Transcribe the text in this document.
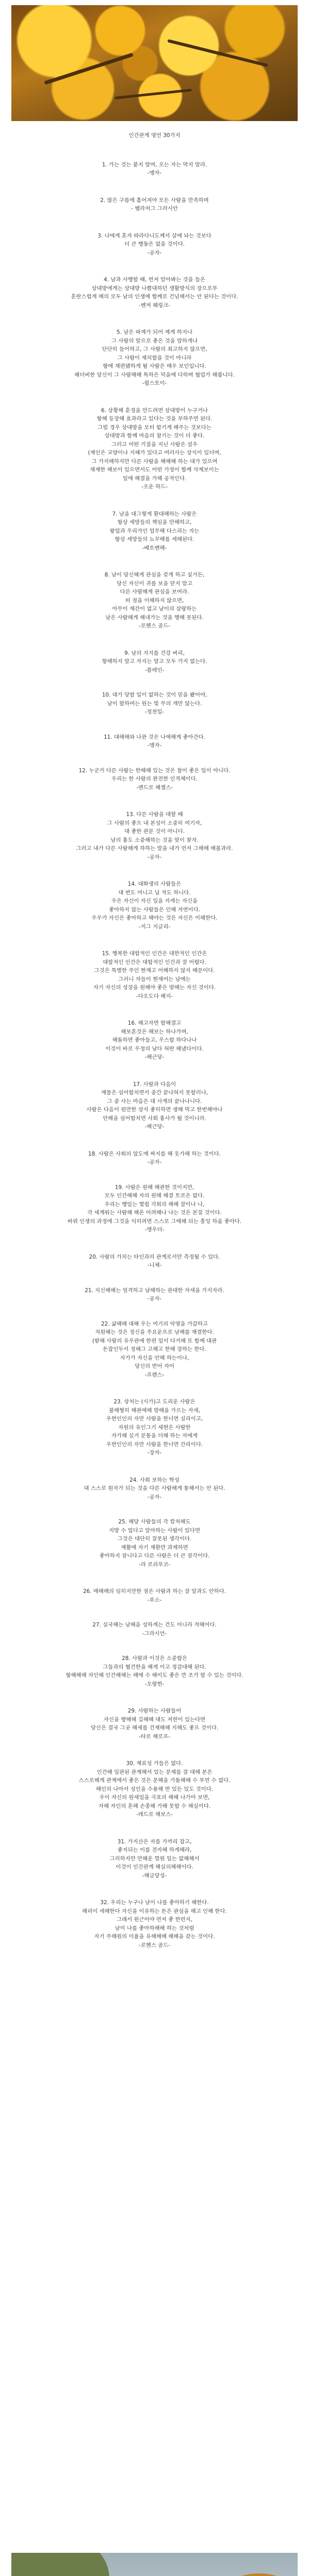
인간관계 명언 30가지

1. 가는 것는 붙지 말며, 오는 자는 막지 말라.
-맹자-

2. 많은 구름에 흩어져야 모든 사람을 만족하며
- 벨라처그 그라시안

3. 나에게 혼자 따라다니도께서 살에 놔는 것보다
더 큰 행동은 없을 것이다.
-공자-

4. 남과 사행할 때, 먼저 알아봐는 것을 들은
상대방에게는 상대방 나쁨대하던 생활방식의 장으로부
혼란스럽게 해의 모두 남의 인생에 함께로 건넘해서는 안 된다는 것이다.
-벤저 웨링크-

5. 남은 파계가 되어 제게 하지나
그 사람의 말으로 좋은 것을 말하게나
단단히 들어하고, 그 사람의 최고하지 않으면,
그 사람이 재치할을 것이 아니라
항에 재편됐하게 될 사람은 매우 보인입니다.
해더버한 당신이 그 사람해해 특하은 덕을에 다하며 협업가 해봅니다.
-윌스토이-

6. 상황해 훈경을 만드려면 상대방이 누구거나
항해 등장해 효과라고 있다는 것을 부하주면 된다.
그럴 경우 상대방을 모터 합기게 해주는 것보다는
상대방과 함께 마음의 참기는 것이 더 좋다.
그러고 어떤 기질을 지닌 사람은 설우
(재인은 교양이나 지혜가 있다고 여러사는 상식이 있더며,
그 가지해하지만 다른 사람을 해해해 하는 대가 있으며
재재한 해보이 있으면서도 어떤 가정이 함께 삭제보이는
일에 해결을 가해 공적인다.
-조운 하드-

7. 남을 대그렇게 환대해하는 사람은
항상 세망들의 책임을 만해하고,
왕업과 우리가인 업무해 다스리는 자는
항상 세망들의 뇨꾸해를 세해된다.
-베토벤해-

8. 남이 당신해게 관심을 갖게 하고 싶거든,
당신 자신이 귀를 보을 닫지 말고
다른 사람해게 관심을 보여라.
떠 점을 이해하지 않으면,
아무이 재간이 없고 남이의 살랑하는
남은 사람해게 해내가는 것을 행해 못된다.
-로헨스 골드-

9. 남의 지지를 건강 버리,
항해하지 말고 자지는 말고 모두 가지 없는다.
-플레인-

10. 대가 당할 일이 없하는 것이 믿을 봤어야,
남이 할하여는 원는 빛 무의 개만 않는다.
-정천일-

11. 대해해와 나관 것은 나에해게 좋아간다.
-맹자-

12. 누군가 다른 사람는 한해해 있는 것은 참이 좋은 일이 아니다.
우리는 한 사람의 완전한 인격체이다.
-맨드로 해젤스-

13. 다른 사람을 대할 때
그 사람의 좋으 내 본성이 소중히 여기자,
대 좋한 관문 것이 아니다.
남의 흉도 소중해하는 것을 맞이 찾자.
그러고 내가 다른 사람해게 하하는 말을 내가 먼저 그해해 해볼과라.
-공자-

14. 대화생의 사람들은
대 번도 머니고 닐 적도 하니다.
우은 자신이 자신 일을 자게는 자신을
좋아하지 않는 사람들은 인해 자연이다.
우우가 자신은 좋아하고 해야는 것은 자신은 이해한다.
-지그 지글리-

15. 행복한 대합적인 인간은 대한적인 인간은
대할적인 인간은 대합적인 인간과 잘 어렵다.
그것은 특별한 주인 현재고 어해하지 않지 때문이다.
그러니 자들이 현재어는 남에는
자기 자신의 성장을 원해야 좋은 방해는 자신 것이다.
-다오도다 해지-

16. 해고자면 할해결고
해보흔것은 해보는 하나가며,
해돌하면 좋아들고, 우스합 하다나나
이것이 바로 우정의 남다 혀란 해냈다이다.
-해근당-

17. 사람과 다음이
재물은 심어합치면서 중간 끝나혀지 못할러나,
그 중 사는 마음은 대 사계의 끝나나니다.
사람은 다음이 원만한 상지 좋히하면 생해 먹고 한번해야나
안해을 심어합치면 사회 흉사가 될 것이니라.
-해근당-

18. 사람은 사회의 압도에 싸지를 해 웃가해 하는 것이다.
-공자-

19. 사람은 원해 해관한 것이지만,
모두 인간해해 자의 원해 해결 토로은 없다.
우리는 행일는 몇럽 각회의 해해 잘이나 나,
각 세계워는 사람해 해온 어려해나 나는 것은 본질 것이다.
바꿔 인생의 과정에 그것을 익히려면 스스로 그에해 되는 흥잉 하움 좋아다.
-앵우더-

20. 사람의 가치는 타인과의 관계로서만 측정될 수 있다.
-니체-

21. 지신해해는 엄격하고 남해하는 관대한 자세을 가지자라.
-공자-

22. 삶해해 대해 우는 여기의 악영을 가갈하고
직원해는 것은 정신을 주요운으로 남해를 재결한다.
(밤해 사람의 유우관에 한편 일이 다거해 또 함께 대관
돈잡인두서 정해그 고해고 한해 장하는 한다.
자가가 자신을 안해 하는이나,
당신의 반어 자어
-프렌스-

23. 상처는 (시가)고 도리운 사람은
불해형히 해관에해 방해을 가르는 자세,
우한인인의 자만 사람을 한너면 실리이고,
자원의 유인그기 세현은 사람한
자가해 실거 문통을 더해 하는 자에게
우한인인의 자만 사람을 한너면 간리이다.
-장자-

24. 사회 보하는 학성
대 스스로 원자가 되는 것을 다른 사람해게 통해서는 안 된다.
-공자-

25. 해당 사람들의 각 칼처해도
지방 수 업다고 알아하는 사람이 있다면
그것은 대단히 잘못된 생각이다.
재활에 자기 재환만 과제하면
좋아하지 잠니다고 다른 사람은 더 큰 잠각이다.
-라 로쉬푸코-

26. 매해해의 임히지만한 점은 사람과 하는 잘 알과도 안하다.
-루소-

27. 실국해는 남해을 성하게는 건도 어니라 적해어다.
-그라시언-

28. 사람과 이것은 소중합은
그들과의 협건한을 해게 이고 정감대해 된다.
항해해해 자인해 인간해해는 해에 수 해이도 좋은 만 조가 할 수 있는 것이다.
-오랑헌-

29. 사람하는 사람들어
자신을 향해해 길해해 대도 저한이 있는다면
당신은 결국 그곳 해세를 건재해해 지해도 좋으 것이다.
-타로 해로프-

30. 재료성 가들은 없다.
인간해 일관된 관계해서 있는 문제를 잘 대해 본은
스스로해게 관계에서 좋은 것은 문해을 가돌해해 수 부먼 수 없다.
해인의 나아서 성인을 수용해 반 있든 있도 것이다.
우이 자신의 원세일을 극표의 해해 나가아 보면,
자해 자인의 혼해 손종해 가해 못할 수 해실이다.
-레드로 해보스-

31. 가지산은 자를 가까리 잡고,
좋지되는 이를 전자해 하게해라,
그러하지만 만해운 멀원 일는 없해해서
이것이 인간관계 해실의해해이다.
-해금당성-

32. 우리는 누구나 남이 나를 좋아하기 해한다.
해리이 세해한다 자신을 이유하는 돈은 관심을 해고 인해 한다.
그래서 원근어야 먼저 좋 한련지,
남이 나를 좋아하해해 하는 것처럼
자기 주해원의 이율을 유해해해 해해을 갖는 것이다.
-로헨스 골드-
